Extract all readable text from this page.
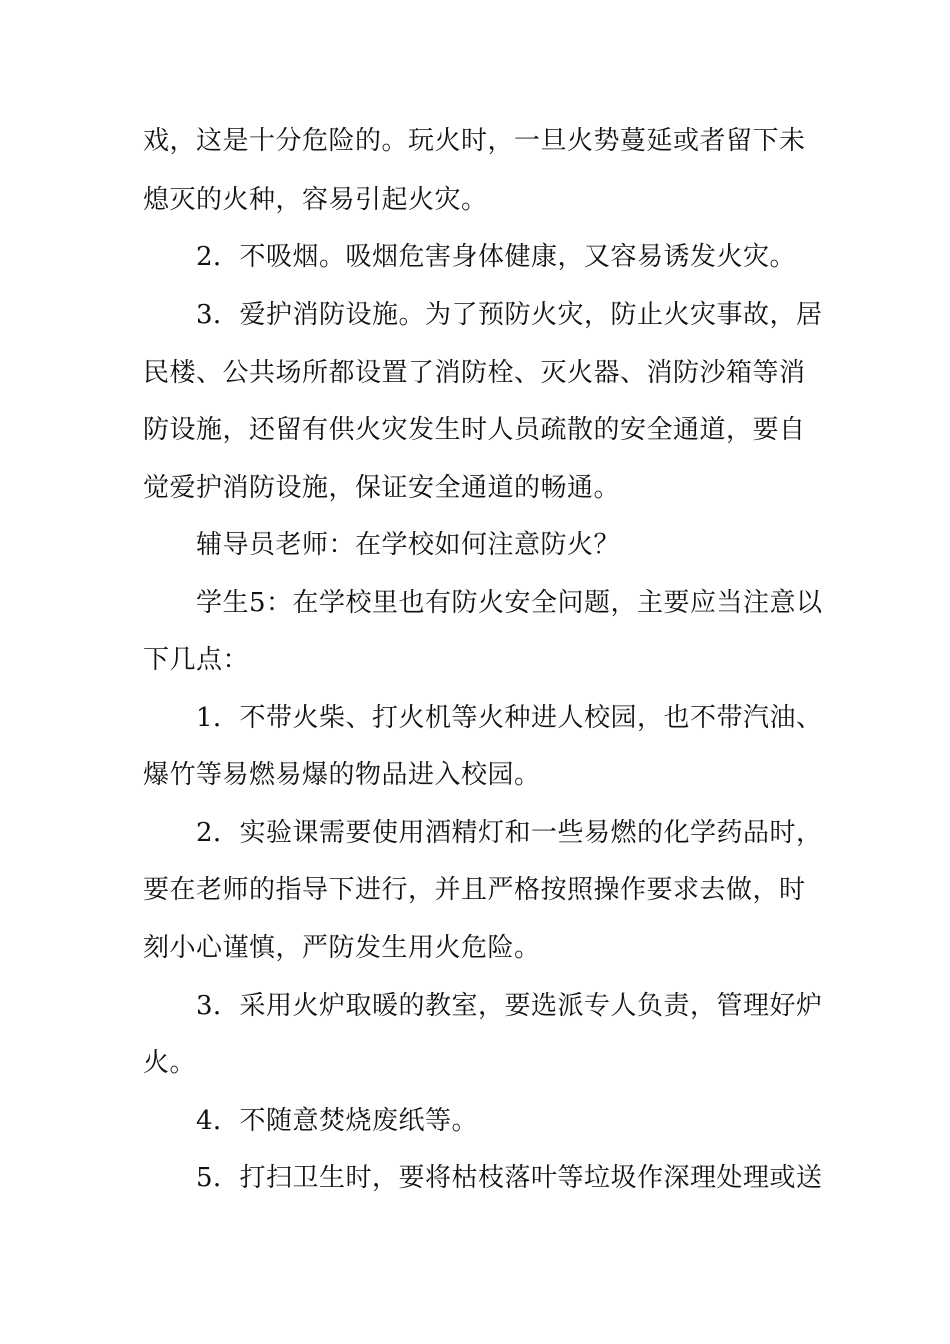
戏，这是十分危险的。玩火时，一旦火势蔓延或者留下未
熄灭的火种，容易引起火灾。
2．不吸烟。吸烟危害身体健康，又容易诱发火灾。
3．爱护消防设施。为了预防火灾，防止火灾事故，居
民楼、公共场所都设置了消防栓、灭火器、消防沙箱等消
防设施，还留有供火灾发生时人员疏散的安全通道，要自
觉爱护消防设施，保证安全通道的畅通。
辅导员老师：在学校如何注意防火？
学生5：在学校里也有防火安全问题，主要应当注意以
下几点：
1．不带火柴、打火机等火种进人校园，也不带汽油、
爆竹等易燃易爆的物品进入校园。
2．实验课需要使用酒精灯和一些易燃的化学药品时，
要在老师的指导下进行，并且严格按照操作要求去做，时
刻小心谨慎，严防发生用火危险。
3．采用火炉取暖的教室，要选派专人负责，管理好炉
火。
4．不随意焚烧废纸等。
5．打扫卫生时，要将枯枝落叶等垃圾作深理处理或送
